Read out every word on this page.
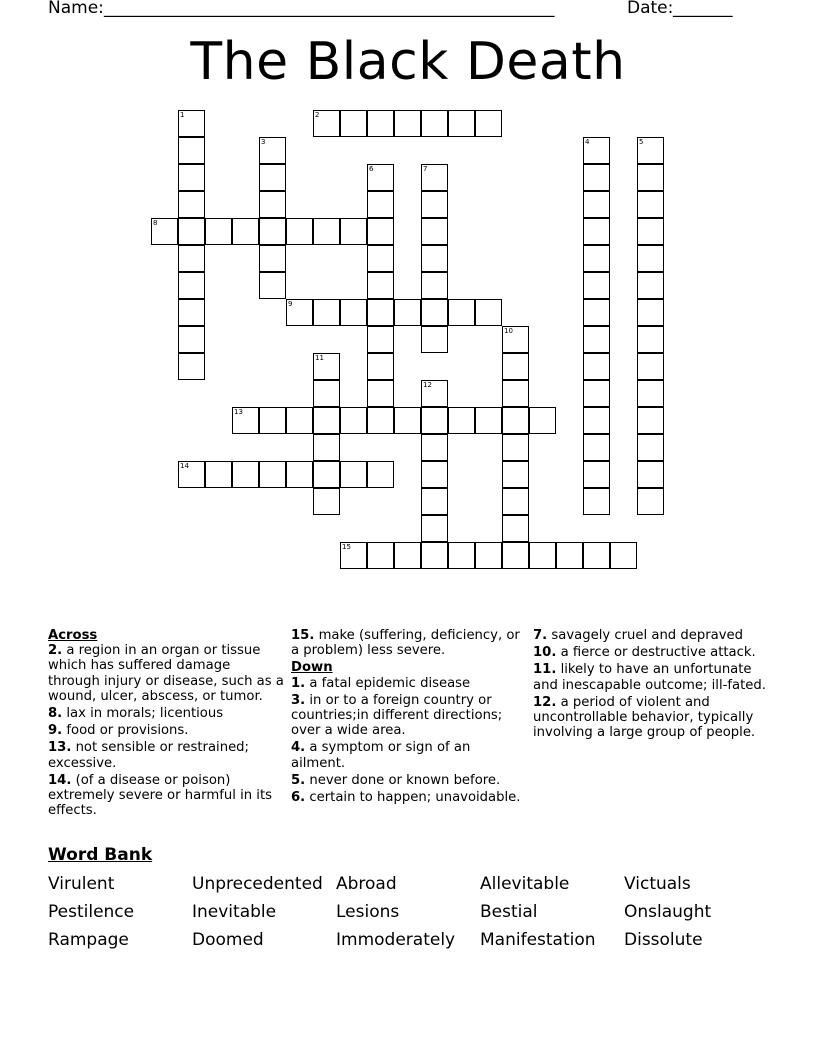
Name: _____________________________________________________	Date: _______
The Black Death
1	2
3	4	5
6	7
8
9
10
11
12
13
14
15

Across

2. a region in an organ or tissue which has suffered damage through injury or disease, such as a wound, ulcer, abscess, or tumor.

8. lax in morals; licentious

9. food or provisions.

13. not sensible or restrained; excessive.

14. (of a disease or poison) extremely severe or harmful in its effects.

15. make (suffering, deficiency, or a problem) less severe.

Down

1. a fatal epidemic disease

3. in or to a foreign country or countries;in different directions; over a wide area.

4. a symptom or sign of an ailment.

5. never done or known before.

6. certain to happen; unavoidable.

7. savagely cruel and depraved

10. a fierce or destructive attack.

11. likely to have an unfortunate and inescapable outcome; ill-fated.

12. a period of violent and uncontrollable behavior, typically involving a large group of people.

Word Bank
Virulent	Unprecedented Abroad	Allevitable	Victuals
Pestilence	Inevitable	Lesions	Bestial	Onslaught
Rampage	Doomed	Immoderately	Manifestation	Dissolute
